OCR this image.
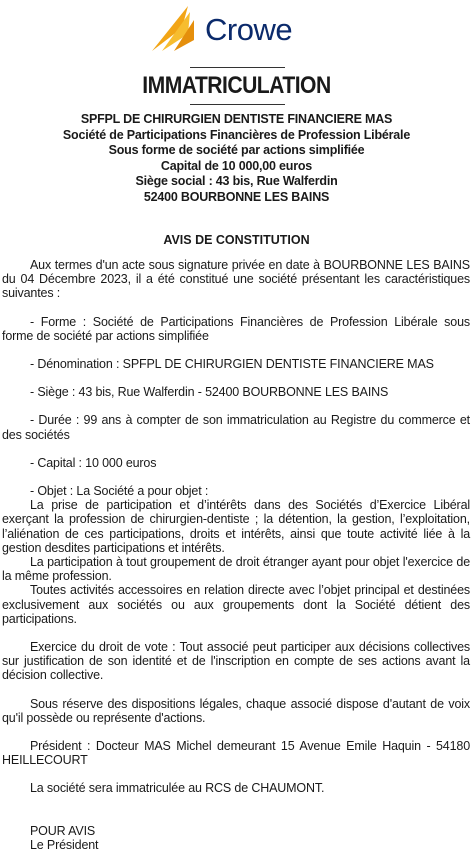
Crowe
IMMATRICULATION
SPFPL DE CHIRURGIEN DENTISTE FINANCIERE MAS
Société de Participations Financières de Profession Libérale
Sous forme de société par actions simplifiée
Capital de 10 000,00 euros
Siège social : 43 bis, Rue Walferdin
52400 BOURBONNE LES BAINS
AVIS DE CONSTITUTION

Aux termes d'un acte sous signature privée en date à BOURBONNE LES BAINS du 04 Décembre 2023, il a été constitué une société présentant les caractéristiques suivantes :

- Forme : Société de Participations Financières de Profession Libérale sous forme de société par actions simplifiée

- Dénomination : SPFPL DE CHIRURGIEN DENTISTE FINANCIERE MAS

- Siège : 43 bis, Rue Walferdin - 52400 BOURBONNE LES BAINS

- Durée : 99 ans à compter de son immatriculation au Registre du commerce et des sociétés

- Capital : 10 000 euros

- Objet : La Société a pour objet :

La prise de participation et d’intérêts dans des Sociétés d’Exercice Libéral exerçant la profession de chirurgien-dentiste ; la détention, la gestion, l’exploitation, l’aliénation de ces participations, droits et intérêts, ainsi que toute activité liée à la gestion desdites participations et intérêts.

La participation à tout groupement de droit étranger ayant pour objet l'exercice de la même profession.

Toutes activités accessoires en relation directe avec l’objet principal et destinées exclusivement aux sociétés ou aux groupements dont la Société détient des participations.

Exercice du droit de vote : Tout associé peut participer aux décisions collectives sur justification de son identité et de l'inscription en compte de ses actions avant la décision collective.

Sous réserve des dispositions légales, chaque associé dispose d'autant de voix qu'il possède ou représente d'actions.

Président : Docteur MAS Michel demeurant 15 Avenue Emile Haquin - 54180 HEILLECOURT

La société sera immatriculée au RCS de CHAUMONT.

POUR AVIS

Le Président
